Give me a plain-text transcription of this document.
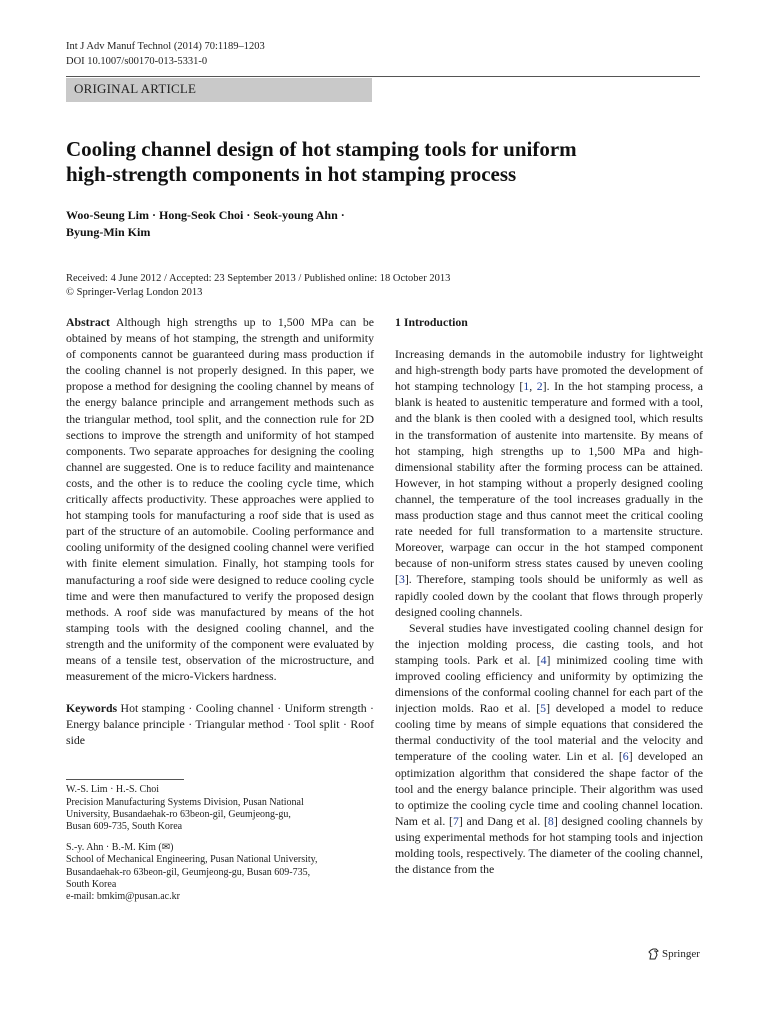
Int J Adv Manuf Technol (2014) 70:1189–1203
DOI 10.1007/s00170-013-5331-0
ORIGINAL ARTICLE
Cooling channel design of hot stamping tools for uniform
high-strength components in hot stamping process
Woo-Seung Lim · Hong-Seok Choi · Seok-young Ahn ·
Byung-Min Kim
Received: 4 June 2012 / Accepted: 23 September 2013 / Published online: 18 October 2013
© Springer-Verlag London 2013

Abstract Although high strengths up to 1,500 MPa can be obtained by means of hot stamping, the strength and uniformity of components cannot be guaranteed during mass production if the cooling channel is not properly designed. In this paper, we propose a method for designing the cooling channel by means of the energy balance principle and arrangement methods such as the triangular method, tool split, and the connection rule for 2D sections to improve the strength and uniformity of hot stamped components. Two separate approaches for designing the cooling channel are suggested. One is to reduce facility and maintenance costs, and the other is to reduce the cooling cycle time, which critically affects productivity. These approaches were applied to hot stamping tools for manufacturing a roof side that is used as part of the structure of an automobile. Cooling performance and cooling uniformity of the designed cooling channel were verified with finite element simulation. Finally, hot stamping tools for manufacturing a roof side were designed to reduce cooling cycle time and were then manufactured to verify the proposed design methods. A roof side was manufactured by means of the hot stamping tools with the designed cooling channel, and the strength and the uniformity of the component were evaluated by means of a tensile test, observation of the microstructure, and measurement of the micro-Vickers hardness.

Keywords Hot stamping · Cooling channel · Uniform strength · Energy balance principle · Triangular method · Tool split · Roof side

W.-S. Lim · H.-S. Choi
Precision Manufacturing Systems Division, Pusan National
University, Busandaehak-ro 63beon-gil, Geumjeong-gu,
Busan 609-735, South Korea
S.-y. Ahn · B.-M. Kim (✉)
School of Mechanical Engineering, Pusan National University,
Busandaehak-ro 63beon-gil, Geumjeong-gu, Busan 609-735,
South Korea
e-mail: bmkim@pusan.ac.kr
1 Introduction

Increasing demands in the automobile industry for lightweight and high-strength body parts have promoted the development of hot stamping technology [1, 2]. In the hot stamping process, a blank is heated to austenitic temperature and formed with a tool, and the blank is then cooled with a designed tool, which results in the transformation of austenite into martensite. By means of hot stamping, high strengths up to 1,500 MPa and high-dimensional stability after the forming process can be attained. However, in hot stamping without a properly designed cooling channel, the temperature of the tool increases gradually in the mass production stage and thus cannot meet the critical cooling rate needed for full transformation to a martensite structure. Moreover, warpage can occur in the hot stamped component because of non-uniform stress states caused by uneven cooling [3]. Therefore, stamping tools should be uniformly as well as rapidly cooled down by the coolant that flows through properly designed cooling channels.

Several studies have investigated cooling channel design for the injection molding process, die casting tools, and hot stamping tools. Park et al. [4] minimized cooling time with improved cooling efficiency and uniformity by optimizing the dimensions of the conformal cooling channel for each part of the injection molds. Rao et al. [5] developed a model to reduce cooling time by means of simple equations that considered the thermal conductivity of the tool material and the velocity and temperature of the cooling water. Lin et al. [6] developed an optimization algorithm that considered the shape factor of the tool and the energy balance principle. Their algorithm was used to optimize the cooling cycle time and cooling channel location. Nam et al. [7] and Dang et al. [8] designed cooling channels by using experimental methods for hot stamping tools and injection molding tools, respectively. The diameter of the cooling channel, the distance from the

Springer
